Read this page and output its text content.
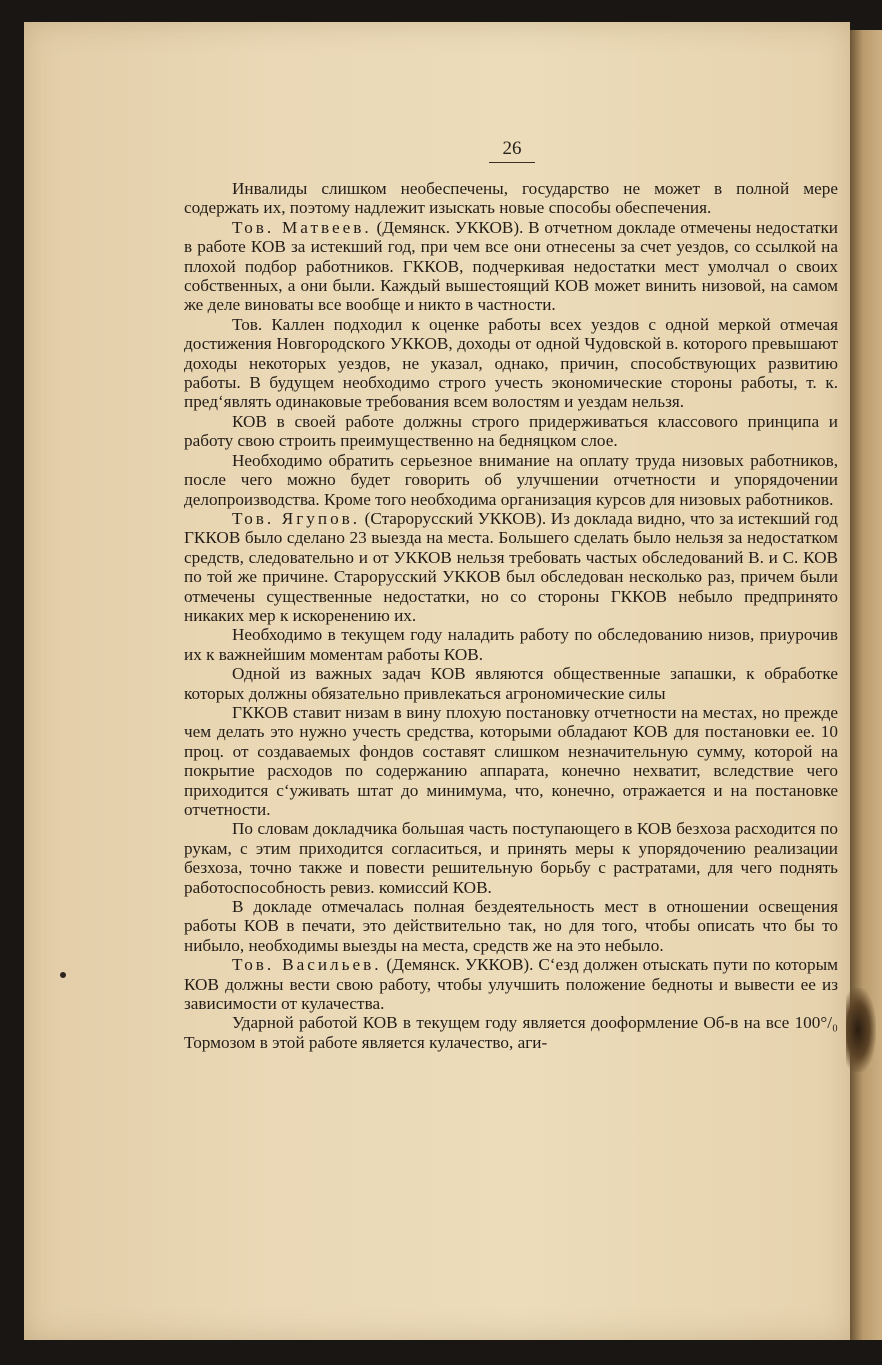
26

Инвалиды слишком необеспечены, государство не может в полной мере содержать их, поэтому надлежит изыскать новые способы обеспечения.

Тов. Матвеев. (Демянск. УККОВ). В отчетном докладе отмечены недостатки в работе КОВ за истекший год, при чем все они отнесены за счет уездов, со ссылкой на плохой подбор работников. ГККОВ, подчеркивая недостатки мест умолчал о своих собственных, а они были. Каждый вышестоящий КОВ может винить низовой, на самом же деле виноваты все вообще и никто в частности.

Тов. Каллен подходил к оценке работы всех уездов с одной меркой отмечая достижения Новгородского УККОВ, доходы от одной Чудовской в. которого превышают доходы некоторых уездов, не указал, однако, причин, способствующих развитию работы. В будущем необходимо строго учесть экономические стороны работы, т. к. пред‘являть одинаковые требования всем волостям и уездам нельзя.

КОВ в своей работе должны строго придерживаться классового принципа и работу свою строить преимущественно на бедняцком слое.

Необходимо обратить серьезное внимание на оплату труда низовых работников, после чего можно будет говорить об улучшении отчетности и упорядочении делопроизводства. Кроме того необходима организация курсов для низовых работников.

Тов. Ягупов. (Старорусский УККОВ). Из доклада видно, что за истекший год ГККОВ было сделано 23 выезда на места. Большего сделать было нельзя за недостатком средств, следовательно и от УККОВ нельзя требовать частых обследований В. и С. КОВ по той же причине. Старорусский УККОВ был обследован несколько раз, причем были отмечены существенные недостатки, но со стороны ГККОВ небыло предпринято никаких мер к искоренению их.

Необходимо в текущем году наладить работу по обследованию низов, приурочив их к важнейшим моментам работы КОВ.

Одной из важных задач КОВ являются общественные запашки, к обработке которых должны обязательно привлекаться агрономические силы

ГККОВ ставит низам в вину плохую постановку отчетности на местах, но прежде чем делать это нужно учесть средства, которыми обладают КОВ для постановки ее. 10 проц. от создаваемых фондов составят слишком незначительную сумму, которой на покрытие расходов по содержанию аппарата, конечно нехватит, вследствие чего приходится с‘уживать штат до минимума, что, конечно, отражается и на постановке отчетности.

По словам докладчика большая часть поступающего в КОВ безхоза расходится по рукам, с этим приходится согласиться, и принять меры к упорядочению реализации безхоза, точно также и повести решительную борьбу с растратами, для чего поднять работоспособность ревиз. комиссий КОВ.

В докладе отмечалась полная бездеятельность мест в отношении освещения работы КОВ в печати, это действительно так, но для того, чтобы описать что бы то нибыло, необходимы выезды на места, средств же на это небыло.

Тов. Васильев. (Демянск. УККОВ). С‘езд должен отыскать пути по которым КОВ должны вести свою работу, чтобы улучшить положение бедноты и вывести ее из зависимости от кулачества.

Ударной работой КОВ в текущем году является дооформление Об-в на все 100°/₀ Тормозом в этой работе является кулачество, аги-
